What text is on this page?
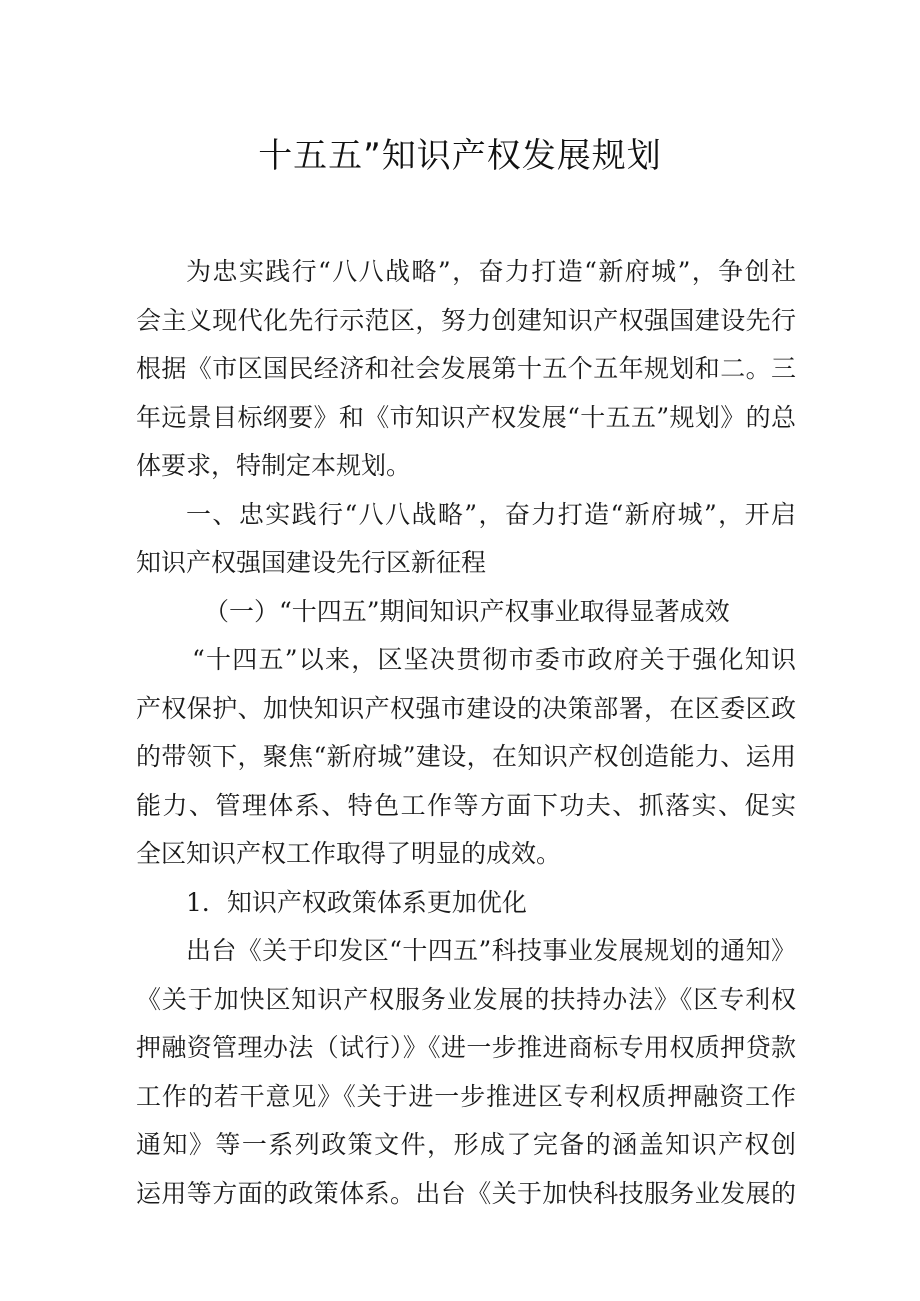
十五五”知识产权发展规划
为忠实践行“八八战略”，奋力打造“新府城”，争创社
会主义现代化先行示范区，努力创建知识产权强国建设先行
根据《市区国民经济和社会发展第十五个五年规划和二。三
年远景目标纲要》和《市知识产权发展“十五五”规划》的总
体要求，特制定本规划。
一、忠实践行“八八战略”，奋力打造“新府城”，开启
知识产权强国建设先行区新征程
（一）“十四五”期间知识产权事业取得显著成效
“十四五”以来，区坚决贯彻市委市政府关于强化知识
产权保护、加快知识产权强市建设的决策部署，在区委区政
的带领下，聚焦“新府城”建设，在知识产权创造能力、运用
能力、管理体系、特色工作等方面下功夫、抓落实、促实
全区知识产权工作取得了明显的成效。
1．知识产权政策体系更加优化
出台《关于印发区“十四五”科技事业发展规划的通知》
《关于加快区知识产权服务业发展的扶持办法》《区专利权
押融资管理办法（试行）》《进一步推进商标专用权质押贷款
工作的若干意见》《关于进一步推进区专利权质押融资工作
通知》等一系列政策文件，形成了完备的涵盖知识产权创
运用等方面的政策体系。出台《关于加快科技服务业发展的
